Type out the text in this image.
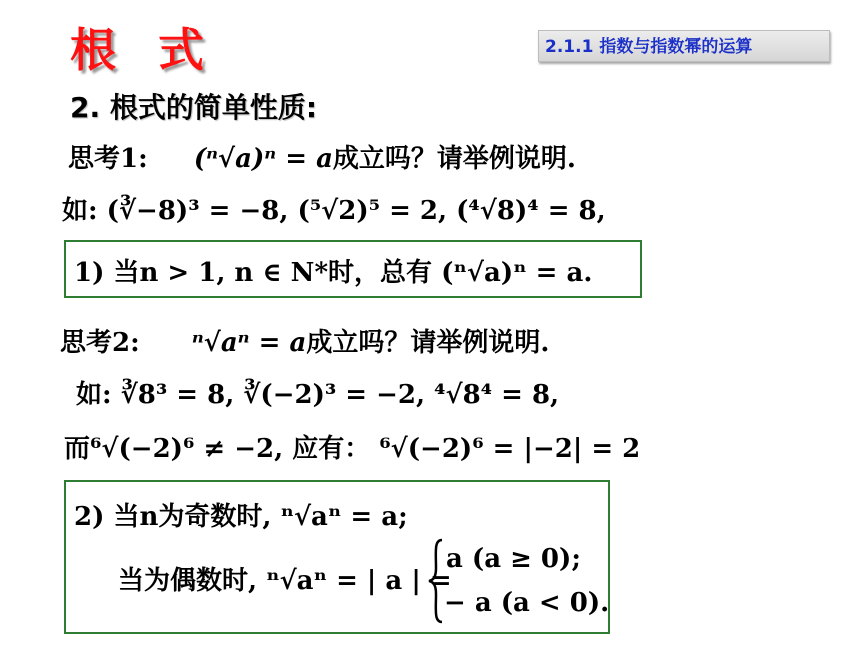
根 式	2.1.1 指数与指数幂的运算
2. 根式的简单性质:
思考1: (ⁿ√a)ⁿ = a成立吗？请举例说明.
如: (∛−8)³ = −8, (⁵√2)⁵ = 2, (⁴√8)⁴ = 8,
1) 当n > 1, n ∈ N*时，总有 (ⁿ√a)ⁿ = a.
思考2: ⁿ√aⁿ = a成立吗？请举例说明.
如: ∛8³ = 8, ∛(−2)³ = −2, ⁴√8⁴ = 8,
而⁶√(−2)⁶ ≠ −2, 应有： ⁶√(−2)⁶ = |−2| = 2
2) 当n为奇数时, ⁿ√aⁿ = a;
当为偶数时, ⁿ√aⁿ = | a | =
a (a ≥ 0);
− a (a < 0).
